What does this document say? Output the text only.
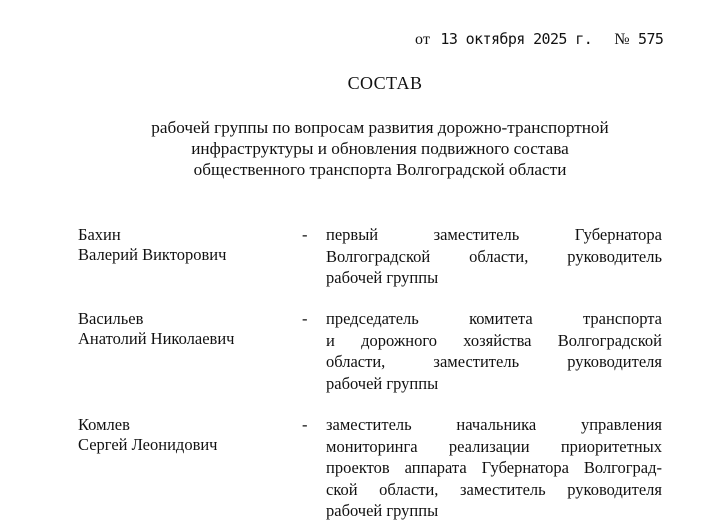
от 13 октября 2025 г. № 575
СОСТАВ
рабочей группы по вопросам развития дорожно-транспортной
инфраструктуры и обновления подвижного состава
общественного транспорта Волгоградской области
Бахин
Валерий Викторович
- первый заместитель Губернатора
Волгоградской области, руководитель
рабочей группы
Васильев
Анатолий Николаевич
- председатель комитета транспорта
и дорожного хозяйства Волгоградской
области, заместитель руководителя
рабочей группы
Комлев
Сергей Леонидович
- заместитель начальника управления
мониторинга реализации приоритетных
проектов аппарата Губернатора Волгоград-
ской области, заместитель руководителя
рабочей группы
